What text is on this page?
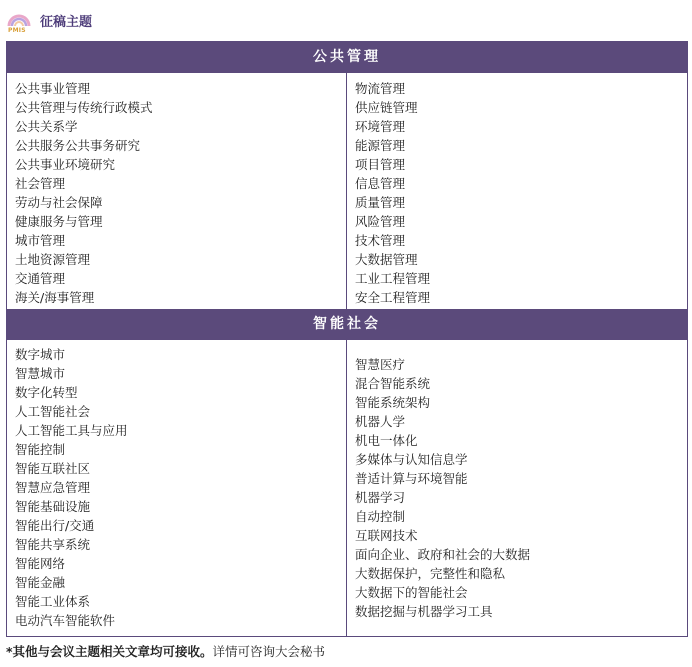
PMIS
征稿主题
公共管理
公共事业管理
公共管理与传统行政模式
公共关系学
公共服务公共事务研究
公共事业环境研究
社会管理
劳动与社会保障
健康服务与管理
城市管理
土地资源管理
交通管理
海关/海事管理
物流管理
供应链管理
环境管理
能源管理
项目管理
信息管理
质量管理
风险管理
技术管理
大数据管理
工业工程管理
安全工程管理
智能社会
数字城市
智慧城市
数字化转型
人工智能社会
人工智能工具与应用
智能控制
智能互联社区
智慧应急管理
智能基础设施
智能出行/交通
智能共享系统
智能网络
智能金融
智能工业体系
电动汽车智能软件
智慧医疗
混合智能系统
智能系统架构
机器人学
机电一体化
多媒体与认知信息学
普适计算与环境智能
机器学习
自动控制
互联网技术
面向企业、政府和社会的大数据
大数据保护，完整性和隐私
大数据下的智能社会
数据挖掘与机器学习工具
*其他与会议主题相关文章均可接收。详情可咨询大会秘书
